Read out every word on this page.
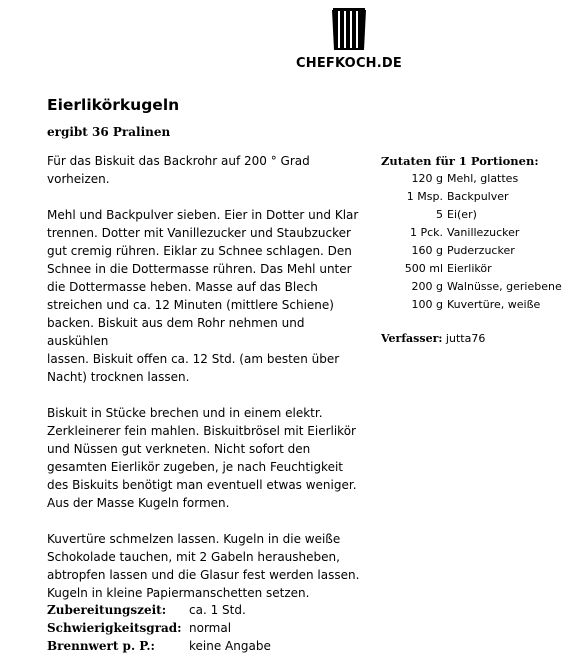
CHEFKOCH.DE
Eierlikörkugeln
ergibt 36 Pralinen

Für das Biskuit das Backrohr auf 200 ° Grad
vorheizen.

Mehl und Backpulver sieben. Eier in Dotter und Klar
trennen. Dotter mit Vanillezucker und Staubzucker
gut cremig rühren. Eiklar zu Schnee schlagen. Den
Schnee in die Dottermasse rühren. Das Mehl unter
die Dottermasse heben. Masse auf das Blech
streichen und ca. 12 Minuten (mittlere Schiene)
backen. Biskuit aus dem Rohr nehmen und auskühlen
lassen. Biskuit offen ca. 12 Std. (am besten über
Nacht) trocknen lassen.

Biskuit in Stücke brechen und in einem elektr.
Zerkleinerer fein mahlen. Biskuitbrösel mit Eierlikör
und Nüssen gut verkneten. Nicht sofort den
gesamten Eierlikör zugeben, je nach Feuchtigkeit
des Biskuits benötigt man eventuell etwas weniger.
Aus der Masse Kugeln formen.

Kuvertüre schmelzen lassen. Kugeln in die weiße
Schokolade tauchen, mit 2 Gabeln herausheben,
abtropfen lassen und die Glasur fest werden lassen.
Kugeln in kleine Papiermanschetten setzen.

Zutaten für 1 Portionen:
120 g Mehl, glattes
1 Msp. Backpulver
5 Ei(er)
1 Pck. Vanillezucker
160 g Puderzucker
500 ml Eierlikör
200 g Walnüsse, geriebene
100 g Kuvertüre, weiße
Verfasser: jutta76
Zubereitungszeit: ca. 1 Std.
Schwierigkeitsgrad: normal
Brennwert p. P.:	keine Angabe
